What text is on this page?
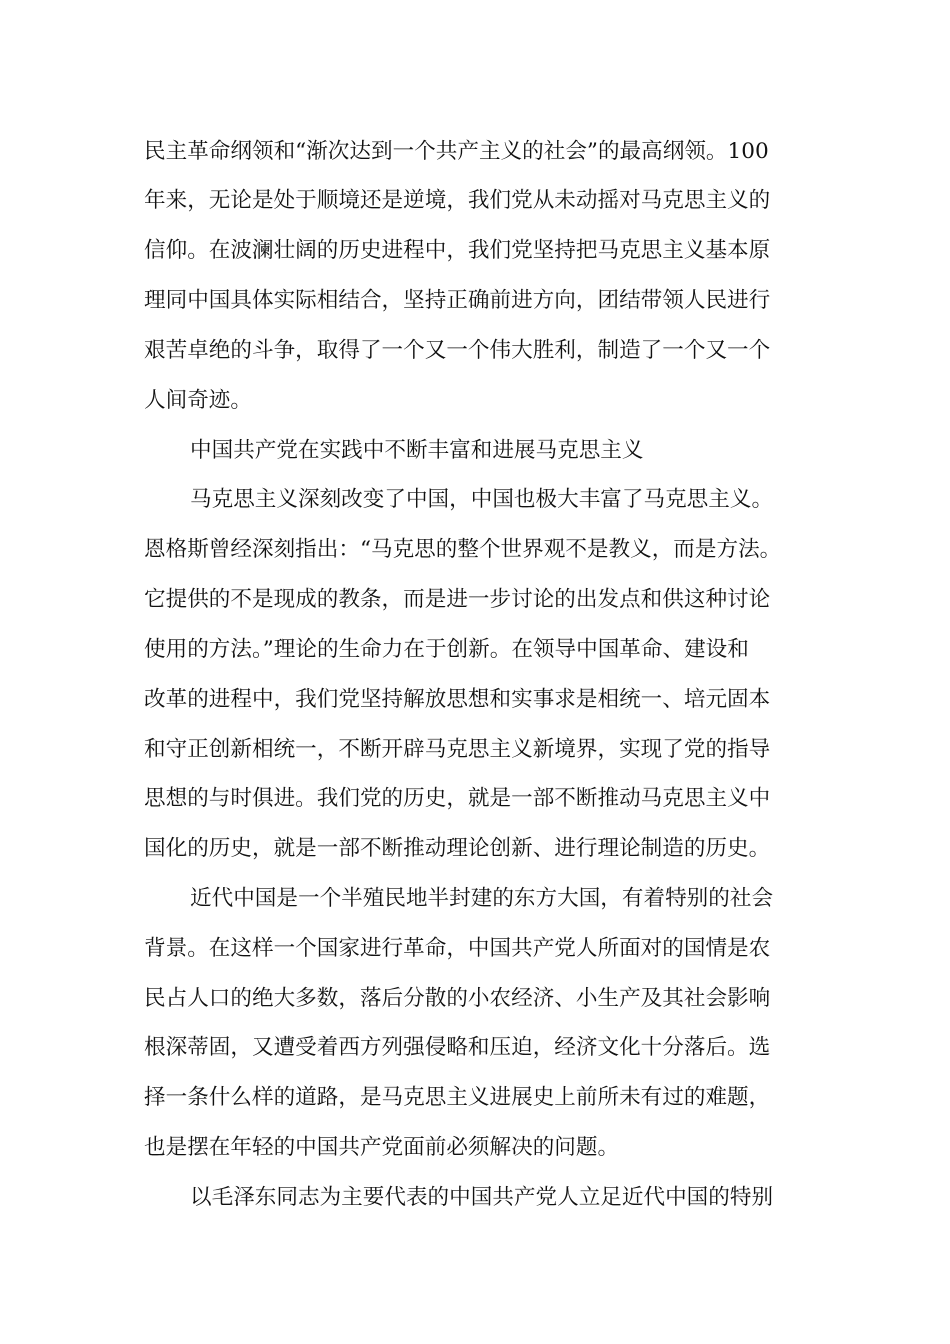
民主革命纲领和“渐次达到一个共产主义的社会”的最高纲领。100
年来，无论是处于顺境还是逆境，我们党从未动摇对马克思主义的
信仰。在波澜壮阔的历史进程中，我们党坚持把马克思主义基本原
理同中国具体实际相结合，坚持正确前进方向，团结带领人民进行
艰苦卓绝的斗争，取得了一个又一个伟大胜利，制造了一个又一个
人间奇迹。
中国共产党在实践中不断丰富和进展马克思主义
马克思主义深刻改变了中国，中国也极大丰富了马克思主义。
恩格斯曾经深刻指出：“马克思的整个世界观不是教义，而是方法。
它提供的不是现成的教条，而是进一步讨论的出发点和供这种讨论
使用的方法。”理论的生命力在于创新。在领导中国革命、建设和
改革的进程中，我们党坚持解放思想和实事求是相统一、培元固本
和守正创新相统一，不断开辟马克思主义新境界，实现了党的指导
思想的与时俱进。我们党的历史，就是一部不断推动马克思主义中
国化的历史，就是一部不断推动理论创新、进行理论制造的历史。
近代中国是一个半殖民地半封建的东方大国，有着特别的社会
背景。在这样一个国家进行革命，中国共产党人所面对的国情是农
民占人口的绝大多数，落后分散的小农经济、小生产及其社会影响
根深蒂固，又遭受着西方列强侵略和压迫，经济文化十分落后。选
择一条什么样的道路，是马克思主义进展史上前所未有过的难题，
也是摆在年轻的中国共产党面前必须解决的问题。
以毛泽东同志为主要代表的中国共产党人立足近代中国的特别
